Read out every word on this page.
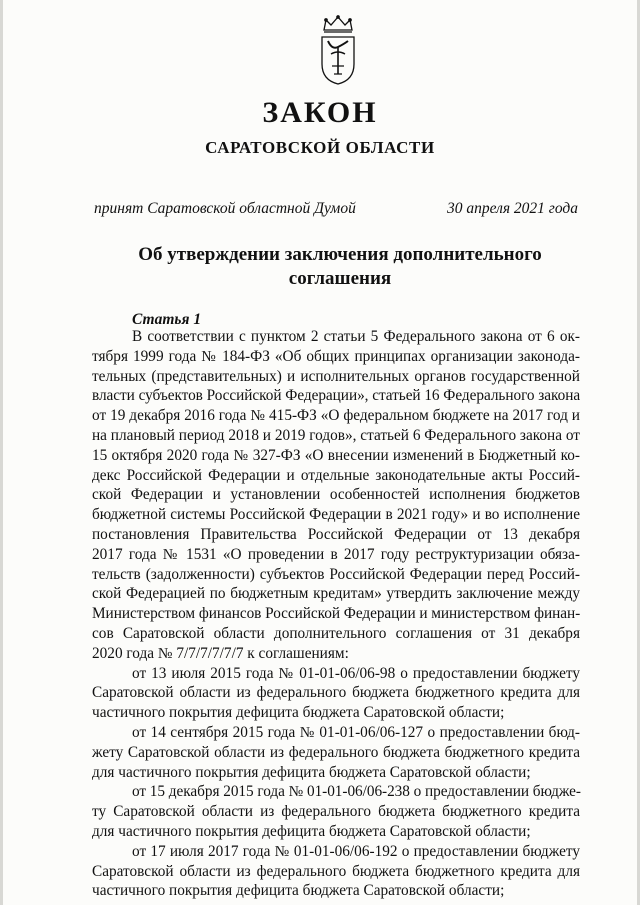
ЗАКОН
САРАТОВСКОЙ ОБЛАСТИ
принят Саратовской областной Думой	30 апреля 2021 года
Об утверждении заключения дополнительного
соглашения
Статья 1
В соответствии с пунктом 2 статьи 5 Федерального закона от 6 ок-
тября 1999 года № 184-ФЗ «Об общих принципах организации законода-
тельных (представительных) и исполнительных органов государственной
власти субъектов Российской Федерации», статьей 16 Федерального закона
от 19 декабря 2016 года № 415-ФЗ «О федеральном бюджете на 2017 год и
на плановый период 2018 и 2019 годов», статьей 6 Федерального закона от
15 октября 2020 года № 327-ФЗ «О внесении изменений в Бюджетный ко-
декс Российской Федерации и отдельные законодательные акты Россий-
ской Федерации и установлении особенностей исполнения бюджетов
бюджетной системы Российской Федерации в 2021 году» и во исполнение
постановления Правительства Российской Федерации от 13 декабря
2017 года № 1531 «О проведении в 2017 году реструктуризации обяза-
тельств (задолженности) субъектов Российской Федерации перед Россий-
ской Федерацией по бюджетным кредитам» утвердить заключение между
Министерством финансов Российской Федерации и министерством финан-
сов Саратовской области дополнительного соглашения от 31 декабря
2020 года № 7/7/7/7/7/7 к соглашениям:
от 13 июля 2015 года № 01-01-06/06-98 о предоставлении бюджету
Саратовской области из федерального бюджета бюджетного кредита для
частичного покрытия дефицита бюджета Саратовской области;
от 14 сентября 2015 года № 01-01-06/06-127 о предоставлении бюд-
жету Саратовской области из федерального бюджета бюджетного кредита
для частичного покрытия дефицита бюджета Саратовской области;
от 15 декабря 2015 года № 01-01-06/06-238 о предоставлении бюдже-
ту Саратовской области из федерального бюджета бюджетного кредита
для частичного покрытия дефицита бюджета Саратовской области;
от 17 июля 2017 года № 01-01-06/06-192 о предоставлении бюджету
Саратовской области из федерального бюджета бюджетного кредита для
частичного покрытия дефицита бюджета Саратовской области;
